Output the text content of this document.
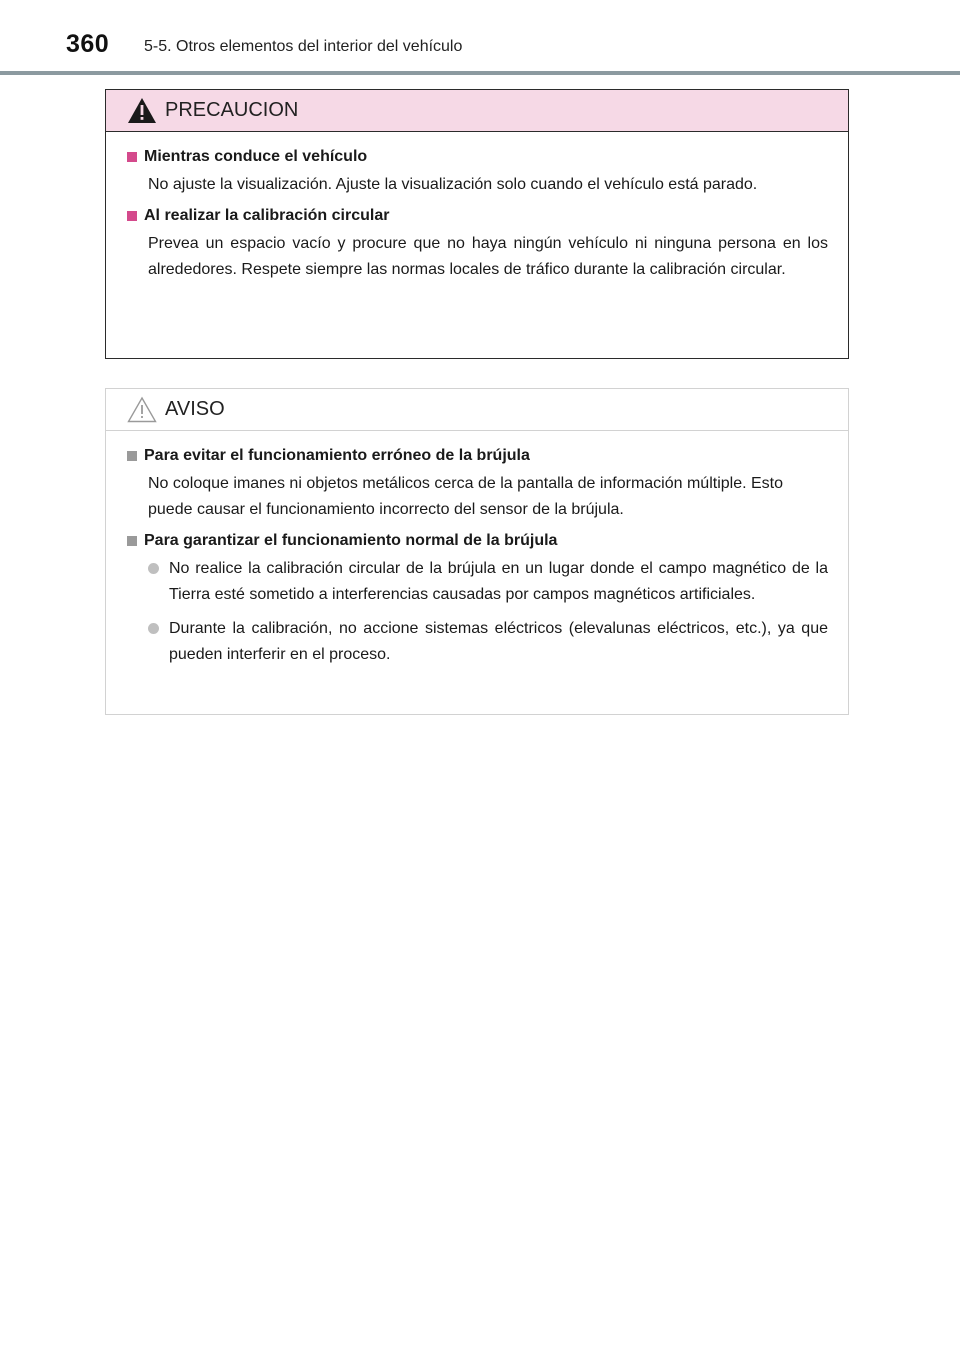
360 5-5. Otros elementos del interior del vehículo
PRECAUCION
Mientras conduce el vehículo
No ajuste la visualización. Ajuste la visualización solo cuando el vehículo está parado.
Al realizar la calibración circular
Prevea un espacio vacío y procure que no haya ningún vehículo ni ninguna persona en los alrededores. Respete siempre las normas locales de tráfico durante la calibración circular.
AVISO
Para evitar el funcionamiento erróneo de la brújula
No coloque imanes ni objetos metálicos cerca de la pantalla de información múltiple. Esto puede causar el funcionamiento incorrecto del sensor de la brújula.
Para garantizar el funcionamiento normal de la brújula
No realice la calibración circular de la brújula en un lugar donde el campo magnético de la Tierra esté sometido a interferencias causadas por campos magnéticos artificiales.
Durante la calibración, no accione sistemas eléctricos (elevalunas eléctricos, etc.), ya que pueden interferir en el proceso.
